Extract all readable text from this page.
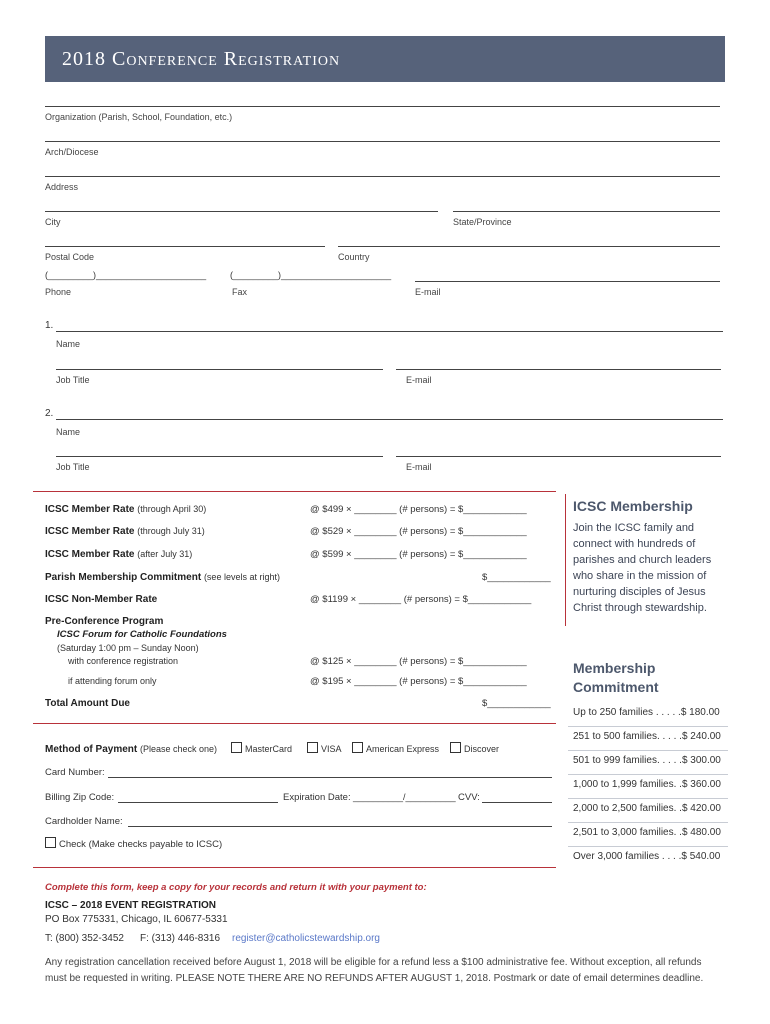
2018 Conference Registration
Organization (Parish, School, Foundation, etc.)
Arch/Diocese
Address
City	State/Province
Postal Code	Country
(_________)______________________
Phone
(_________)______________________
Fax	E-mail
1.
Name
Job Title	E-mail
2.
Name
Job Title	E-mail
ICSC Member Rate (through April 30)	@ $499 × ________ (# persons) = $____________
ICSC Member Rate (through July 31)	@ $529 × ________ (# persons) = $____________
ICSC Member Rate (after July 31)	@ $599 × ________ (# persons) = $____________
Parish Membership Commitment (see levels at right)	$____________
ICSC Non-Member Rate	@ $1199 × ________ (# persons) = $____________
Pre-Conference Program
ICSC Forum for Catholic Foundations
(Saturday 1:00 pm – Sunday Noon)
with conference registration	@ $125 × ________ (# persons) = $____________
if attending forum only	@ $195 × ________ (# persons) = $____________
Total Amount Due	$____________
Method of Payment (Please check one)	MasterCard	VISA	American Express	Discover
Card Number:
Billing Zip Code:	Expiration Date: __________/__________ CVV:
Cardholder Name:
Check (Make checks payable to ICSC)
Complete this form, keep a copy for your records and return it with your payment to:
ICSC – 2018 EVENT REGISTRATION
PO Box 775331, Chicago, IL 60677-5331
T: (800) 352-3452 F: (313) 446-8316 register@catholicstewardship.org
Any registration cancellation received before August 1, 2018 will be eligible for a refund less a $100 administrative fee. Without exception, all refunds
must be requested in writing. PLEASE NOTE THERE ARE NO REFUNDS AFTER AUGUST 1, 2018. Postmark or date of email determines deadline.
ICSC Membership
Join the ICSC family and connect with hundreds of parishes and church leaders who share in the mission of nurturing disciples of Jesus Christ through stewardship.
Membership
Commitment
Up to 250 families . . . . .$ 180.00
251 to 500 families. . . . .$ 240.00
501 to 999 families. . . . .$ 300.00
1,000 to 1,999 families. .$ 360.00
2,000 to 2,500 families. .$ 420.00
2,501 to 3,000 families. .$ 480.00
Over 3,000 families . . . .$ 540.00
